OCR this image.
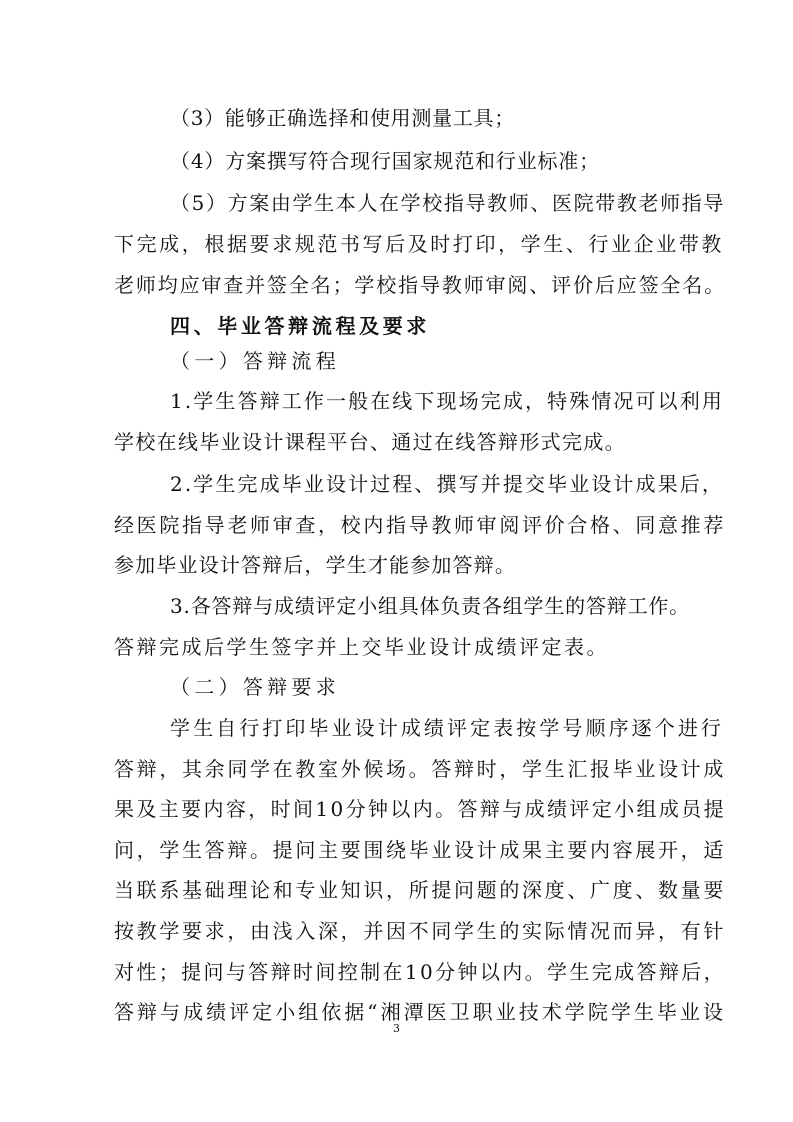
（3）能够正确选择和使用测量工具；
（4）方案撰写符合现行国家规范和行业标准；
（5）方案由学生本人在学校指导教师、医院带教老师指导
下完成，根据要求规范书写后及时打印，学生、行业企业带教
老师均应审查并签全名；学校指导教师审阅、评价后应签全名。
四、毕业答辩流程及要求
（一）答辩流程
1.学生答辩工作一般在线下现场完成，特殊情况可以利用
学校在线毕业设计课程平台、通过在线答辩形式完成。
2.学生完成毕业设计过程、撰写并提交毕业设计成果后，
经医院指导老师审查，校内指导教师审阅评价合格、同意推荐
参加毕业设计答辩后，学生才能参加答辩。
3.各答辩与成绩评定小组具体负责各组学生的答辩工作。
答辩完成后学生签字并上交毕业设计成绩评定表。
（二）答辩要求
学生自行打印毕业设计成绩评定表按学号顺序逐个进行
答辩，其余同学在教室外候场。答辩时，学生汇报毕业设计成
果及主要内容，时间10分钟以内。答辩与成绩评定小组成员提
问，学生答辩。提问主要围绕毕业设计成果主要内容展开，适
当联系基础理论和专业知识，所提问题的深度、广度、数量要
按教学要求，由浅入深，并因不同学生的实际情况而异，有针
对性；提问与答辩时间控制在10分钟以内。学生完成答辩后，
答辩与成绩评定小组依据“湘潭医卫职业技术学院学生毕业设
3
